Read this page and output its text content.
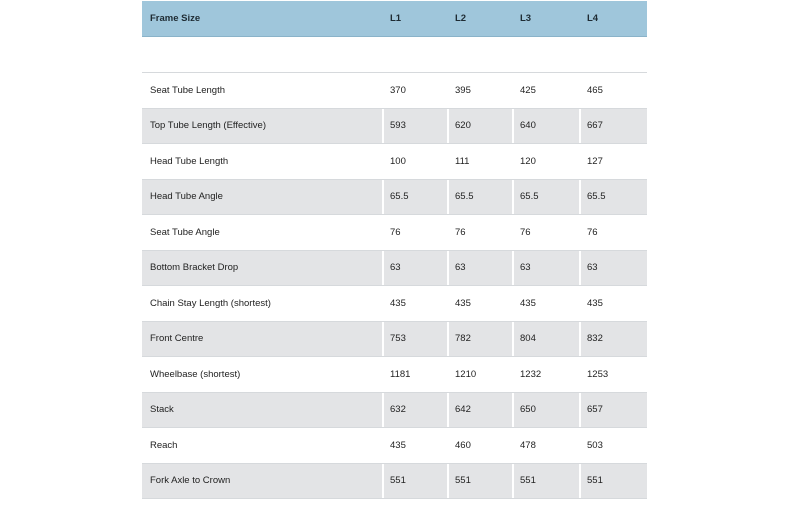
Frame Size	L1	L2	L3	L4
Seat Tube Length	370	395	425	465
Top Tube Length (Effective)	593	620	640	667
Head Tube Length	100	111	120	127
Head Tube Angle	65.5	65.5	65.5	65.5
Seat Tube Angle	76	76	76	76
Bottom Bracket Drop	63	63	63	63
Chain Stay Length (shortest)	435	435	435	435
Front Centre	753	782	804	832
Wheelbase (shortest)	1181	1210	1232	1253
Stack	632	642	650	657
Reach	435	460	478	503
Fork Axle to Crown	551	551	551	551
